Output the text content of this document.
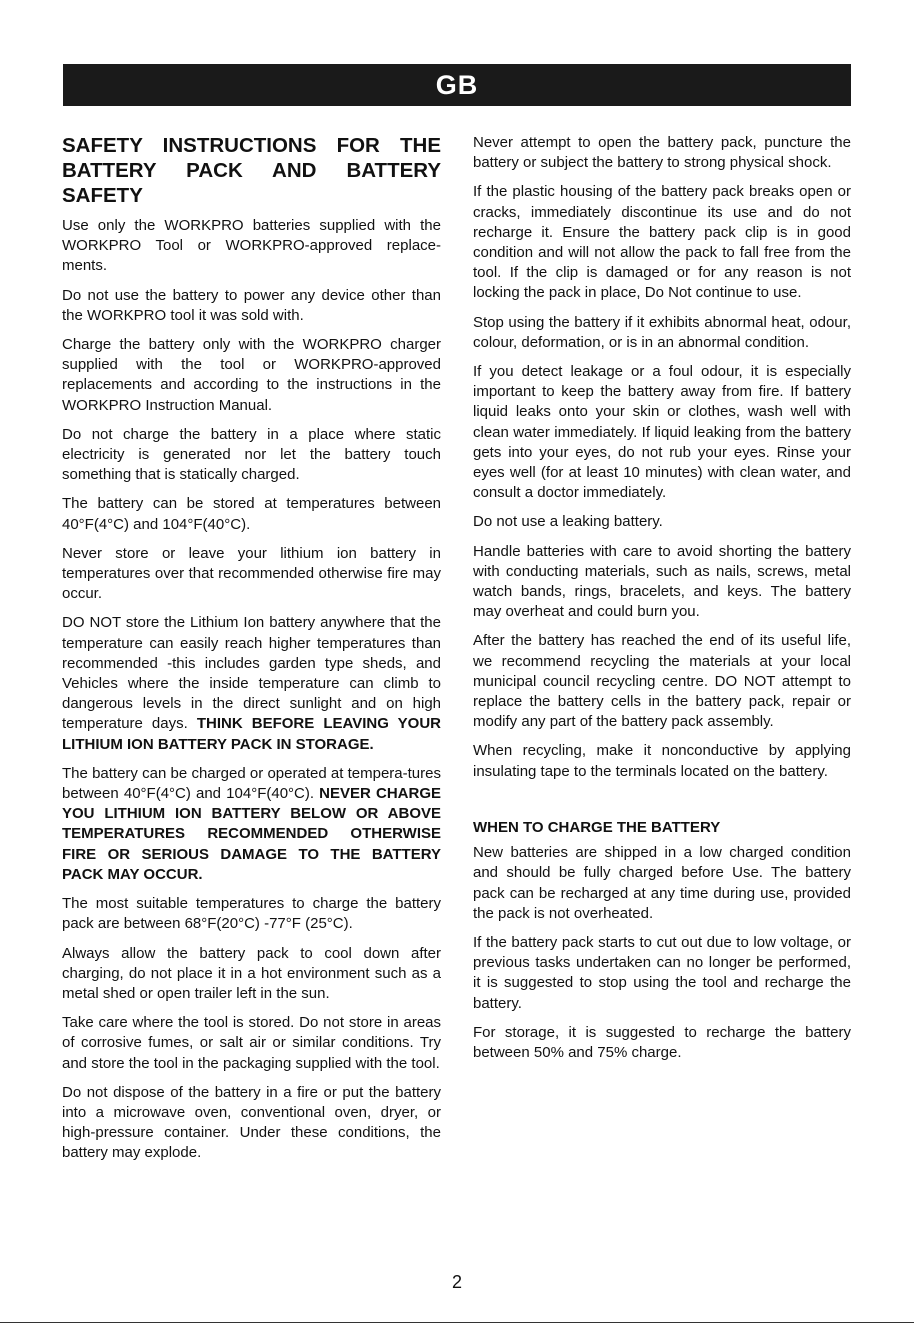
GB
SAFETY INSTRUCTIONS FOR THE
BATTERY PACK AND BATTERY SAFETY

Use only the WORKPRO batteries supplied with the WORKPRO Tool or WORKPRO-approved replace-ments.

Do not use the battery to power any device other than the WORKPRO tool it was sold with.

Charge the battery only with the WORKPRO charger supplied with the tool or WORKPRO-approved replacements and according to the instructions in the WORKPRO Instruction Manual.

Do not charge the battery in a place where static electricity is generated nor let the battery touch something that is statically charged.

The battery can be stored at temperatures between 40°F(4°C) and 104°F(40°C).

Never store or leave your lithium ion battery in temperatures over that recommended otherwise fire may occur.

DO NOT store the Lithium Ion battery anywhere that the temperature can easily reach higher temperatures than recommended -this includes garden type sheds, and Vehicles where the inside temperature can climb to dangerous levels in the direct sunlight and on high temperature days. THINK BEFORE LEAVING YOUR LITHIUM ION BATTERY PACK IN STORAGE.

The battery can be charged or operated at tempera-tures between 40°F(4°C) and 104°F(40°C). NEVER CHARGE YOU LITHIUM ION BATTERY BELOW OR ABOVE TEMPERATURES RECOMMENDED OTHERWISE FIRE OR SERIOUS DAMAGE TO THE BATTERY PACK MAY OCCUR.

The most suitable temperatures to charge the battery pack are between 68°F(20°C) -77°F (25°C).

Always allow the battery pack to cool down after charging, do not place it in a hot environment such as a metal shed or open trailer left in the sun.

Take care where the tool is stored. Do not store in areas of corrosive fumes, or salt air or similar conditions. Try and store the tool in the packaging supplied with the tool.

Do not dispose of the battery in a fire or put the battery into a microwave oven, conventional oven, dryer, or high-pressure container. Under these conditions, the battery may explode.

Never attempt to open the battery pack, puncture the battery or subject the battery to strong physical shock.

If the plastic housing of the battery pack breaks open or cracks, immediately discontinue its use and do not recharge it. Ensure the battery pack clip is in good condition and will not allow the pack to fall free from the tool. If the clip is damaged or for any reason is not locking the pack in place, Do Not continue to use.

Stop using the battery if it exhibits abnormal heat, odour, colour, deformation, or is in an abnormal condition.

If you detect leakage or a foul odour, it is especially important to keep the battery away from fire. If battery liquid leaks onto your skin or clothes, wash well with clean water immediately. If liquid leaking from the battery gets into your eyes, do not rub your eyes. Rinse your eyes well (for at least 10 minutes) with clean water, and consult a doctor immediately.

Do not use a leaking battery.

Handle batteries with care to avoid shorting the battery with conducting materials, such as nails, screws, metal watch bands, rings, bracelets, and keys. The battery may overheat and could burn you.

After the battery has reached the end of its useful life, we recommend recycling the materials at your local municipal council recycling centre. DO NOT attempt to replace the battery cells in the battery pack, repair or modify any part of the battery pack assembly.

When recycling, make it nonconductive by applying insulating tape to the terminals located on the battery.

WHEN TO CHARGE THE BATTERY

New batteries are shipped in a low charged condition and should be fully charged before Use. The battery pack can be recharged at any time during use, provided the pack is not overheated.

If the battery pack starts to cut out due to low voltage, or previous tasks undertaken can no longer be performed, it is suggested to stop using the tool and recharge the battery.

For storage, it is suggested to recharge the battery between 50% and 75% charge.

2
